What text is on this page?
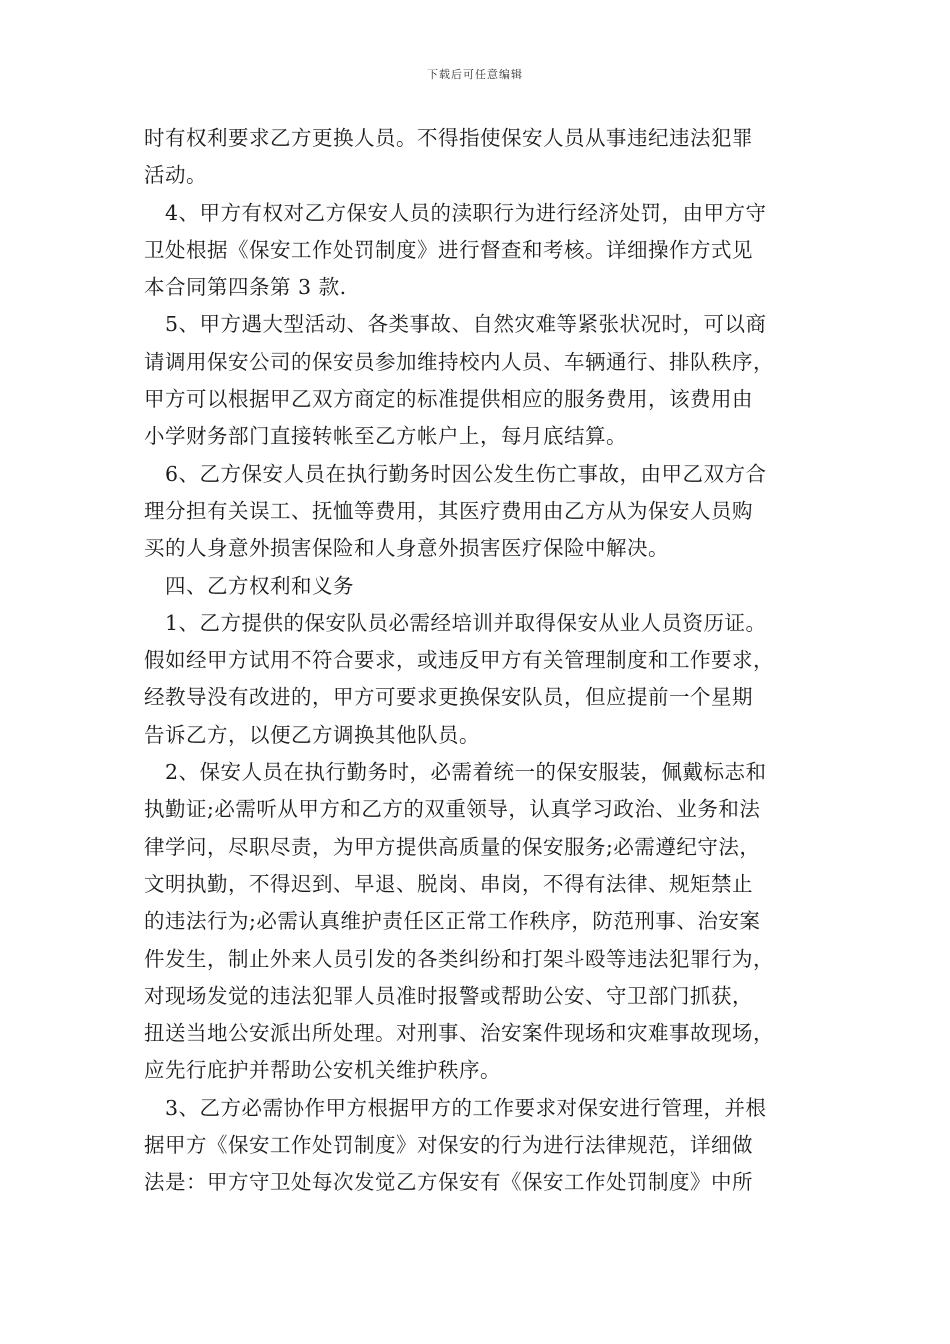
下载后可任意编辑
时有权利要求乙方更换人员。不得指使保安人员从事违纪违法犯罪
活动。
4、甲方有权对乙方保安人员的渎职行为进行经济处罚，由甲方守
卫处根据《保安工作处罚制度》进行督查和考核。详细操作方式见
本合同第四条第 3 款.
5、甲方遇大型活动、各类事故、自然灾难等紧张状况时，可以商
请调用保安公司的保安员参加维持校内人员、车辆通行、排队秩序，
甲方可以根据甲乙双方商定的标准提供相应的服务费用，该费用由
小学财务部门直接转帐至乙方帐户上，每月底结算。
6、乙方保安人员在执行勤务时因公发生伤亡事故，由甲乙双方合
理分担有关误工、抚恤等费用，其医疗费用由乙方从为保安人员购
买的人身意外损害保险和人身意外损害医疗保险中解决。
四、乙方权利和义务
1、乙方提供的保安队员必需经培训并取得保安从业人员资历证。
假如经甲方试用不符合要求，或违反甲方有关管理制度和工作要求，
经教导没有改进的，甲方可要求更换保安队员，但应提前一个星期
告诉乙方，以便乙方调换其他队员。
2、保安人员在执行勤务时，必需着统一的保安服装，佩戴标志和
执勤证;必需听从甲方和乙方的双重领导，认真学习政治、业务和法
律学问，尽职尽责，为甲方提供高质量的保安服务;必需遵纪守法，
文明执勤，不得迟到、早退、脱岗、串岗，不得有法律、规矩禁止
的违法行为;必需认真维护责任区正常工作秩序，防范刑事、治安案
件发生，制止外来人员引发的各类纠纷和打架斗殴等违法犯罪行为，
对现场发觉的违法犯罪人员准时报警或帮助公安、守卫部门抓获，
扭送当地公安派出所处理。对刑事、治安案件现场和灾难事故现场，
应先行庇护并帮助公安机关维护秩序。
3、乙方必需协作甲方根据甲方的工作要求对保安进行管理，并根
据甲方《保安工作处罚制度》对保安的行为进行法律规范，详细做
法是：甲方守卫处每次发觉乙方保安有《保安工作处罚制度》中所
